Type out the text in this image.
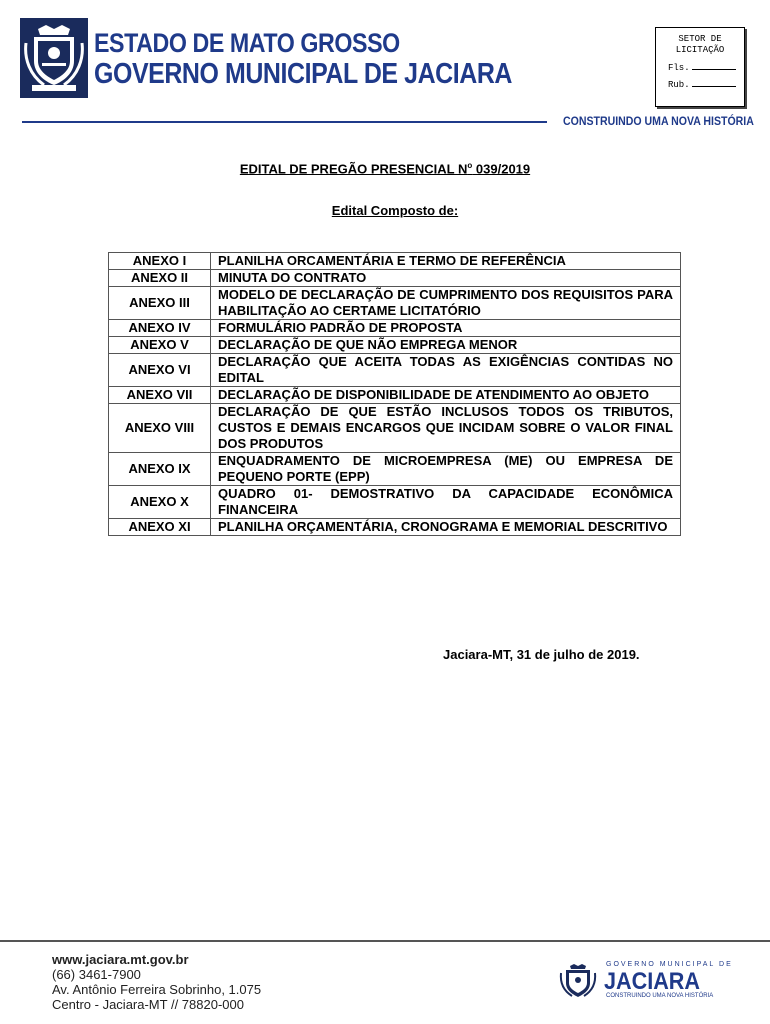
ESTADO DE MATO GROSSO
GOVERNO MUNICIPAL DE JACIARA
SETOR DE
LICITAÇÃO
Fls.
Rub.
CONSTRUINDO UMA NOVA HISTÓRIA
EDITAL DE PREGÃO PRESENCIAL $N^o$ 039/2019
Edital Composto de:
ANEXO I	PLANILHA ORCAMENTÁRIA E TERMO DE REFERÊNCIA
ANEXO II	MINUTA DO CONTRATO
ANEXO III	MODELO DE DECLARAÇÃO DE CUMPRIMENTO DOS REQUISITOS PARA HABILITAÇÃO AO CERTAME LICITATÓRIO
ANEXO IV	FORMULÁRIO PADRÃO DE PROPOSTA
ANEXO V	DECLARAÇÃO DE QUE NÃO EMPREGA MENOR
ANEXO VI	DECLARAÇÃO QUE ACEITA TODAS AS EXIGÊNCIAS CONTIDAS NO EDITAL
ANEXO VII	DECLARAÇÃO DE DISPONIBILIDADE DE ATENDIMENTO AO OBJETO
ANEXO VIII	DECLARAÇÃO DE QUE ESTÃO INCLUSOS TODOS OS TRIBUTOS, CUSTOS E DEMAIS ENCARGOS QUE INCIDAM SOBRE O VALOR FINAL DOS PRODUTOS
ANEXO IX	ENQUADRAMENTO DE MICROEMPRESA (ME) OU EMPRESA DE PEQUENO PORTE (EPP)
ANEXO X	QUADRO 01- DEMOSTRATIVO DA CAPACIDADE ECONÔMICA FINANCEIRA
ANEXO XI	PLANILHA ORÇAMENTÁRIA, CRONOGRAMA E MEMORIAL DESCRITIVO
Jaciara-MT, 31 de julho de 2019.
www.jaciara.mt.gov.br
(66) 3461-7900
Av. Antônio Ferreira Sobrinho, 1.075
Centro - Jaciara-MT // 78820-000
GOVERNO MUNICIPAL DE
JACIARA
CONSTRUINDO UMA NOVA HISTÓRIA
